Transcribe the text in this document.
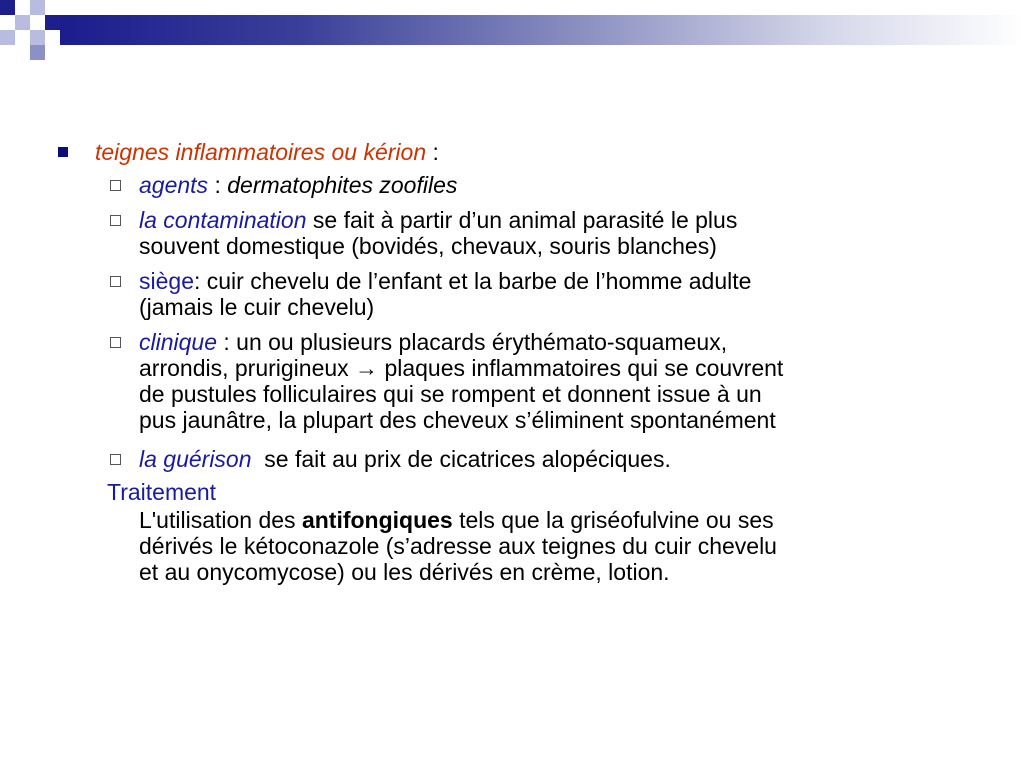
teignes inflammatoires ou kérion :
agents : dermatophites zoofiles
la contamination se fait à partir d’un animal parasité le plus
souvent domestique (bovidés, chevaux, souris blanches)
siège: cuir chevelu de l’enfant et la barbe de l’homme adulte
(jamais le cuir chevelu)
clinique : un ou plusieurs placards érythémato-squameux,
arrondis, prurigineux → plaques inflammatoires qui se couvrent
de pustules folliculaires qui se rompent et donnent issue à un
pus jaunâtre, la plupart des cheveux s’éliminent spontanément
la guérison  se fait au prix de cicatrices alopéciques.
Traitement
L'utilisation des antifongiques tels que la griséofulvine ou ses
dérivés le kétoconazole (s’adresse aux teignes du cuir chevelu
et au onycomycose) ou les dérivés en crème, lotion.
